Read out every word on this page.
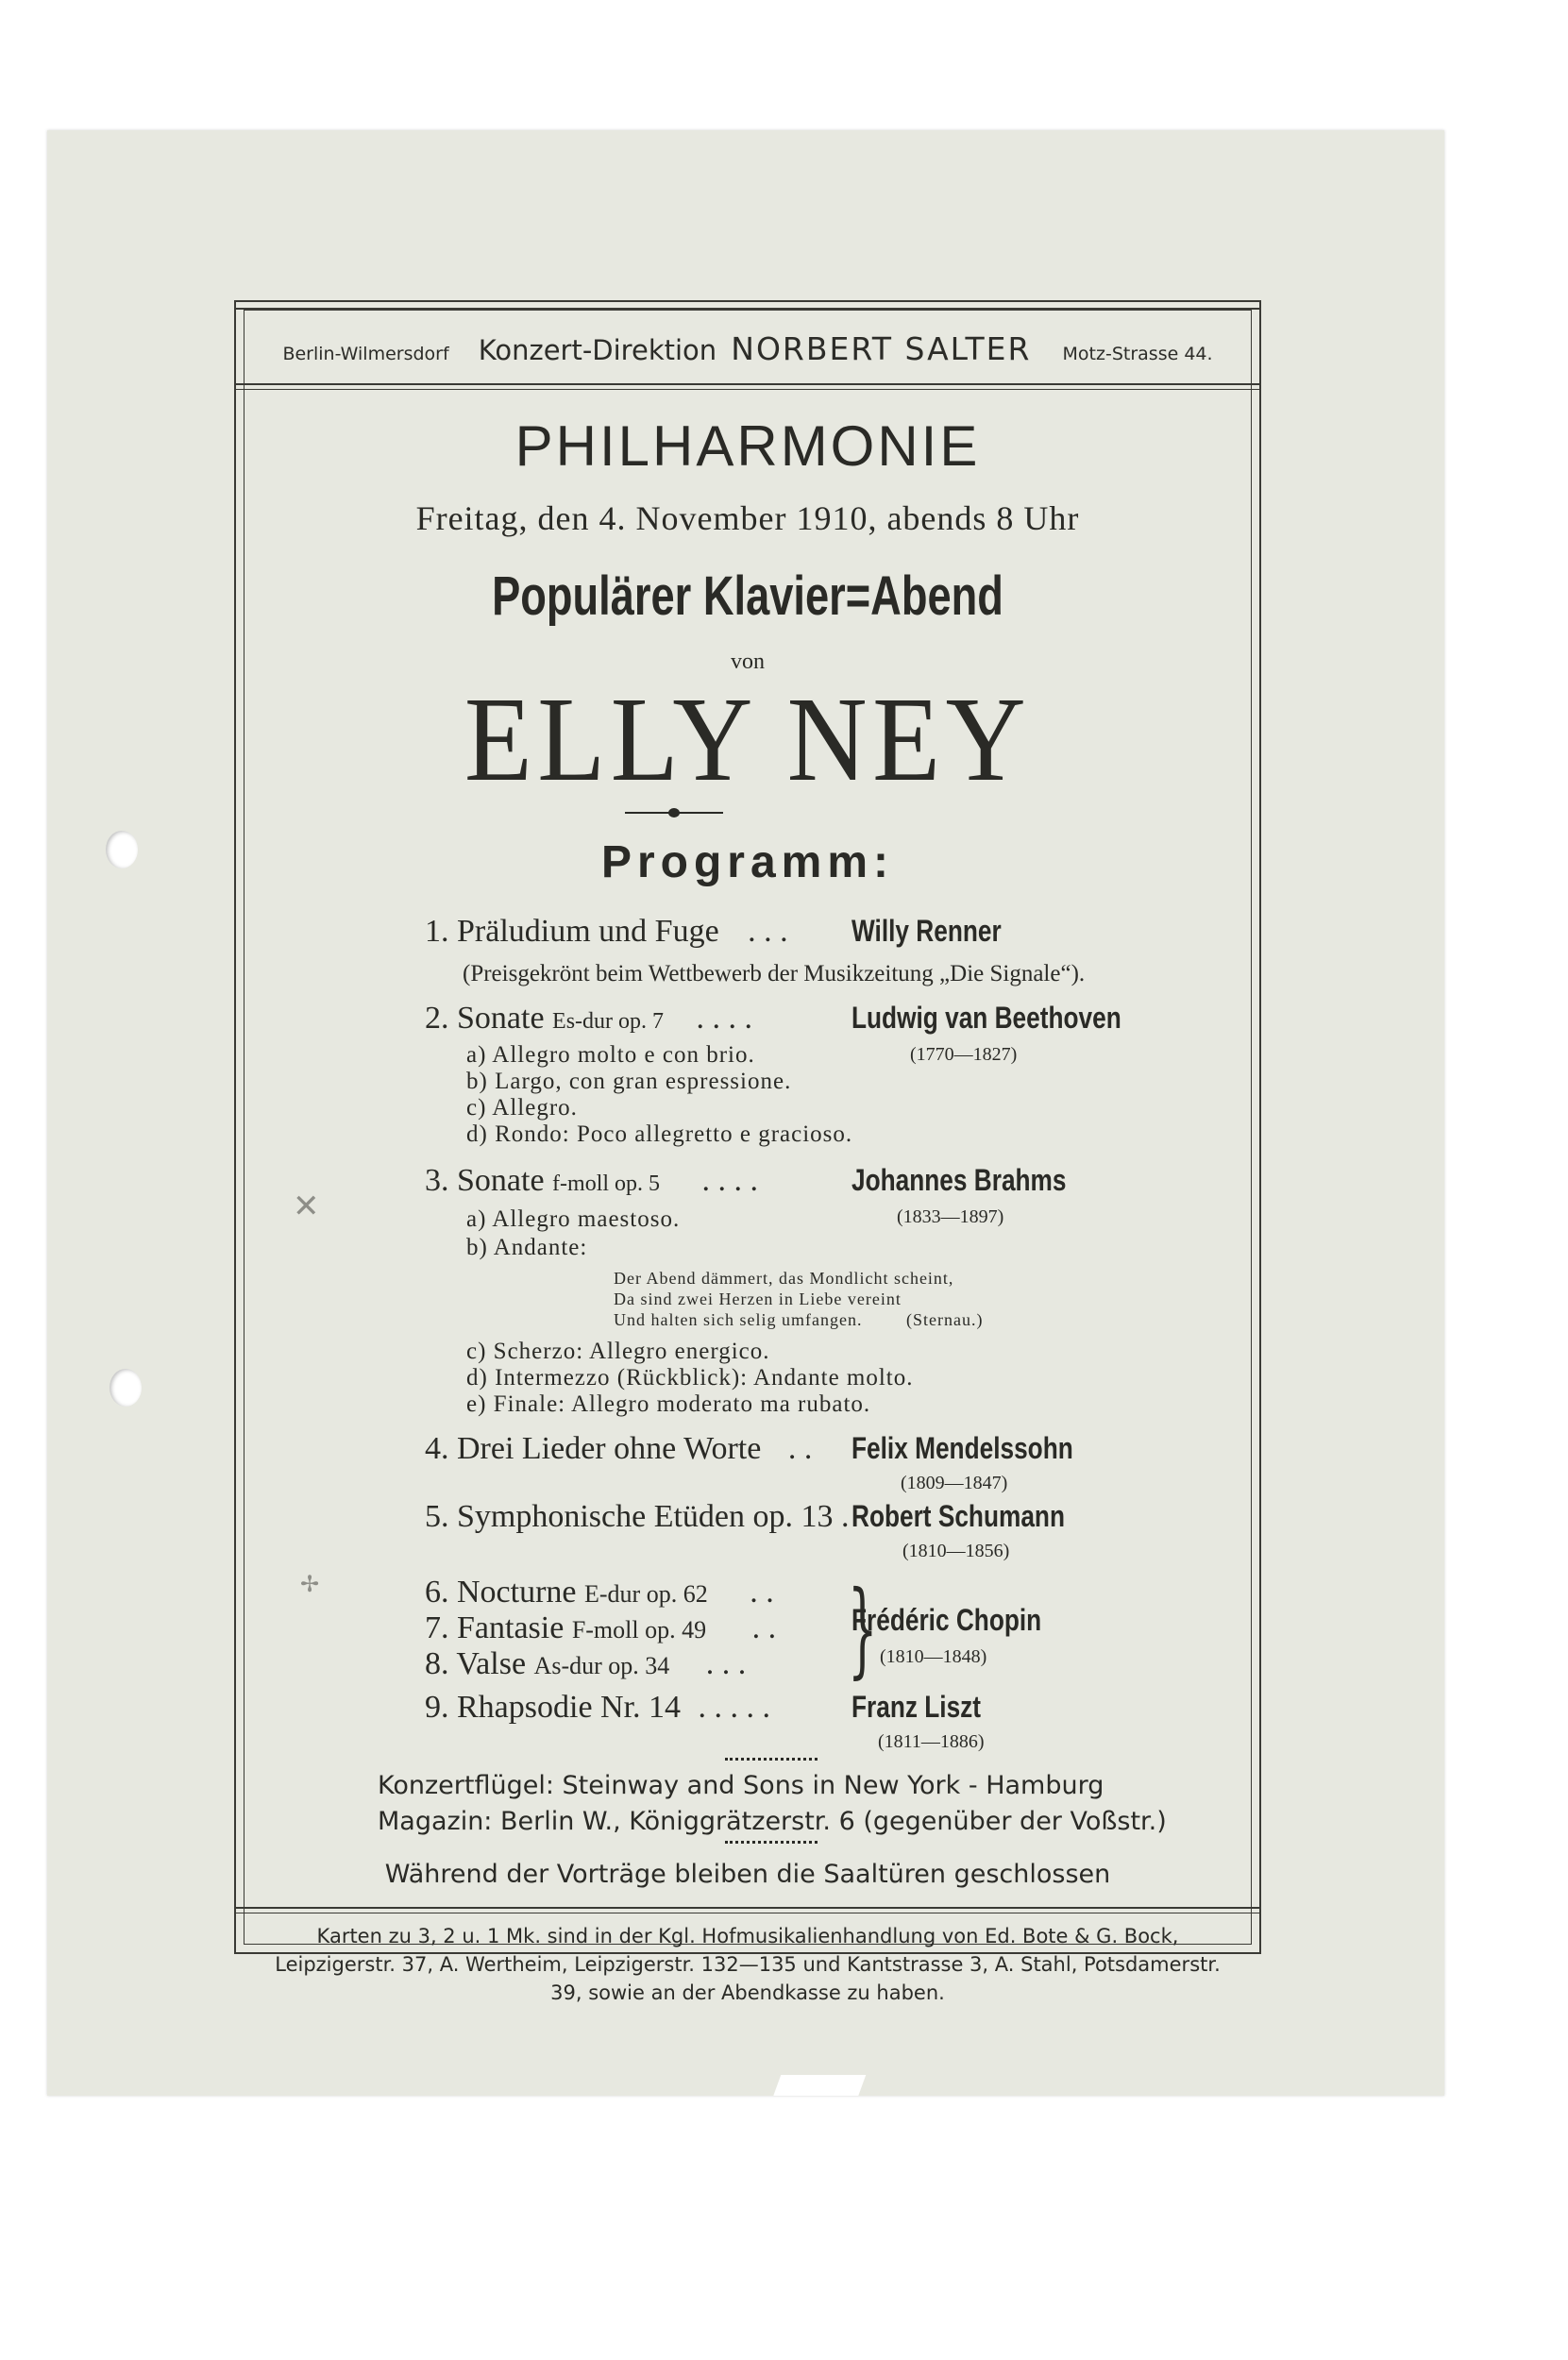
Berlin-Wilmersdorf Konzert-Direktion NORBERT SALTER Motz-Strasse 44.
PHILHARMONIE
Freitag, den 4. November 1910, abends 8 Uhr
Populärer Klavier=Abend
von
ELLY NEY
Programm:
1. Präludium und Fuge . . . Willy Renner
(Preisgekrönt beim Wettbewerb der Musikzeitung „Die Signale“).
2. Sonate Es-dur op. 7 . . . .	Ludwig van Beethoven
(1770—1827)
a) Allegro molto e con brio.
b) Largo, con gran espressione.
c) Allegro.
d) Rondo: Poco allegretto e gracioso.
3. Sonate f-moll op. 5 . . . .	Johannes Brahms
(1833—1897)
a) Allegro maestoso.
b) Andante:
Der Abend dämmert, das Mondlicht scheint,
Da sind zwei Herzen in Liebe vereint
Und halten sich selig umfangen.	(Sternau.)
c) Scherzo: Allegro energico.
d) Intermezzo (Rückblick): Andante molto.
e) Finale: Allegro moderato ma rubato.
4. Drei Lieder ohne Worte . . Felix Mendelssohn
(1809—1847)
5. Symphonische Etüden op. 13 . Robert Schumann
(1810—1856)
6. Nocturne E-dur op. 62 . .
7. Fantasie F-moll op. 49 . .
8. Valse As-dur op. 34 . . . }
Frédéric Chopin
(1810—1848)
9. Rhapsodie Nr. 14 . . . . .	Franz Liszt
(1811—1886)
Konzertflügel: Steinway and Sons in New York - Hamburg
Magazin: Berlin W., Königgrätzerstr. 6 (gegenüber der Voßstr.)
Während der Vorträge bleiben die Saaltüren geschlossen
Karten zu 3, 2 u. 1 Mk. sind in der Kgl. Hofmusikalienhandlung von Ed. Bote & G. Bock, Leipzigerstr. 37, A. Wertheim, Leipzigerstr. 132—135 und Kantstrasse 3, A. Stahl, Potsdamerstr. 39, sowie an der Abendkasse zu haben.
✕
✢
